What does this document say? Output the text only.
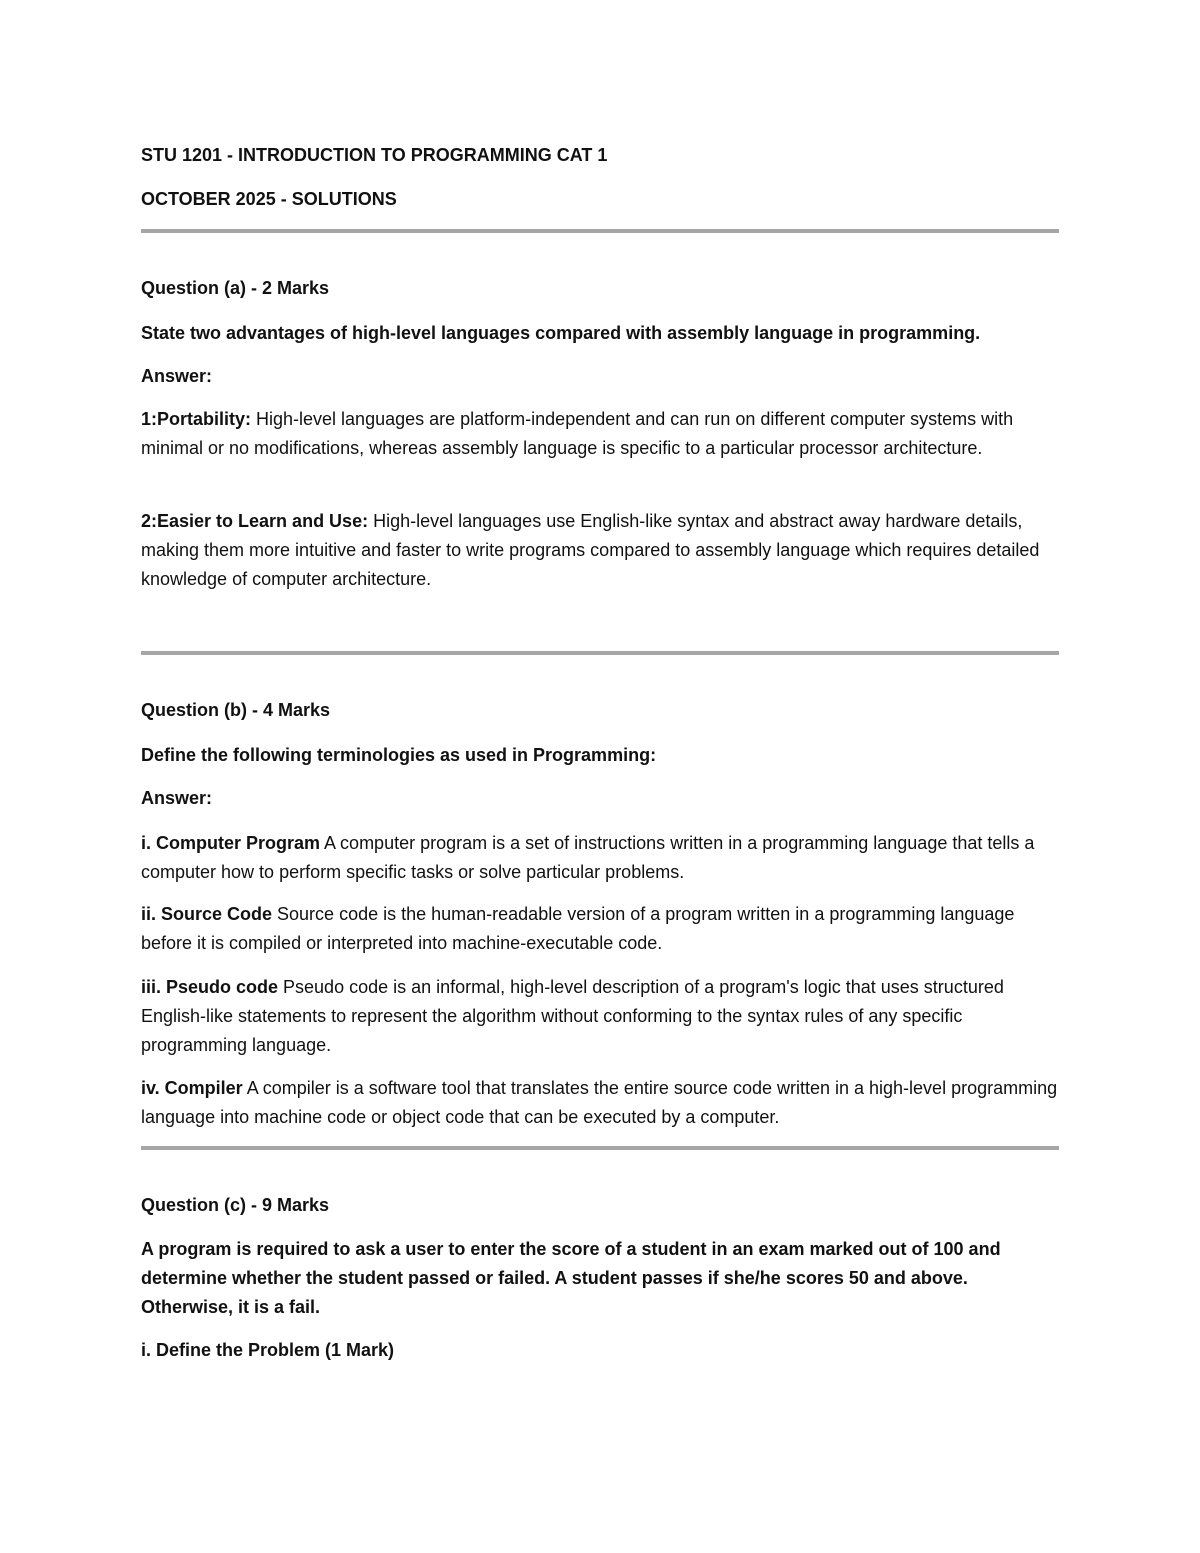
STU 1201 - INTRODUCTION TO PROGRAMMING CAT 1

OCTOBER 2025 - SOLUTIONS

Question (a) - 2 Marks

State two advantages of high-level languages compared with assembly language in programming.

Answer:

1:Portability: High-level languages are platform-independent and can run on different computer systems with minimal or no modifications, whereas assembly language is specific to a particular processor architecture.

2:Easier to Learn and Use: High-level languages use English-like syntax and abstract away hardware details, making them more intuitive and faster to write programs compared to assembly language which requires detailed knowledge of computer architecture.

Question (b) - 4 Marks

Define the following terminologies as used in Programming:

Answer:

i. Computer Program A computer program is a set of instructions written in a programming language that tells a computer how to perform specific tasks or solve particular problems.

ii. Source Code Source code is the human-readable version of a program written in a programming language before it is compiled or interpreted into machine-executable code.

iii. Pseudo code Pseudo code is an informal, high-level description of a program's logic that uses structured English-like statements to represent the algorithm without conforming to the syntax rules of any specific programming language.

iv. Compiler A compiler is a software tool that translates the entire source code written in a high-level programming language into machine code or object code that can be executed by a computer.

Question (c) - 9 Marks

A program is required to ask a user to enter the score of a student in an exam marked out of 100 and determine whether the student passed or failed. A student passes if she/he scores 50 and above. Otherwise, it is a fail.

i. Define the Problem (1 Mark)
